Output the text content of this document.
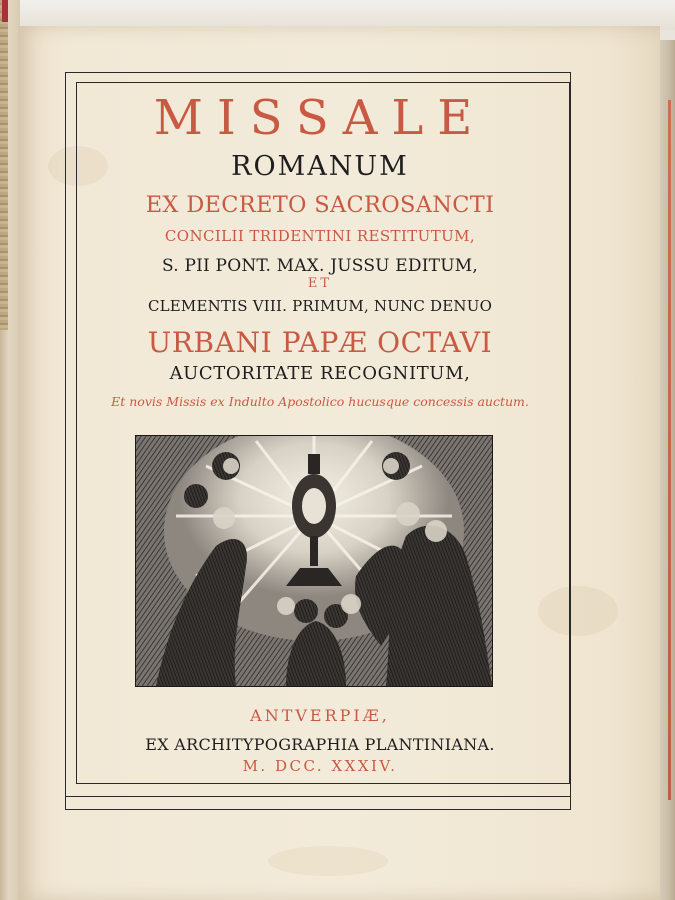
MISSALE
ROMANUM
EX DECRETO SACROSANCTI
CONCILII TRIDENTINI RESTITUTUM,
S. PII PONT. MAX. JUSSU EDITUM,
ET
CLEMENTIS VIII. PRIMUM, NUNC DENUO
URBANI PAPÆ OCTAVI
AUCTORITATE RECOGNITUM,
Et novis Missis ex Indulto Apostolico hucusque concessis auctum.
ANTVERPIÆ,
EX ARCHITYPOGRAPHIA PLANTINIANA.
M. DCC. XXXIV.
